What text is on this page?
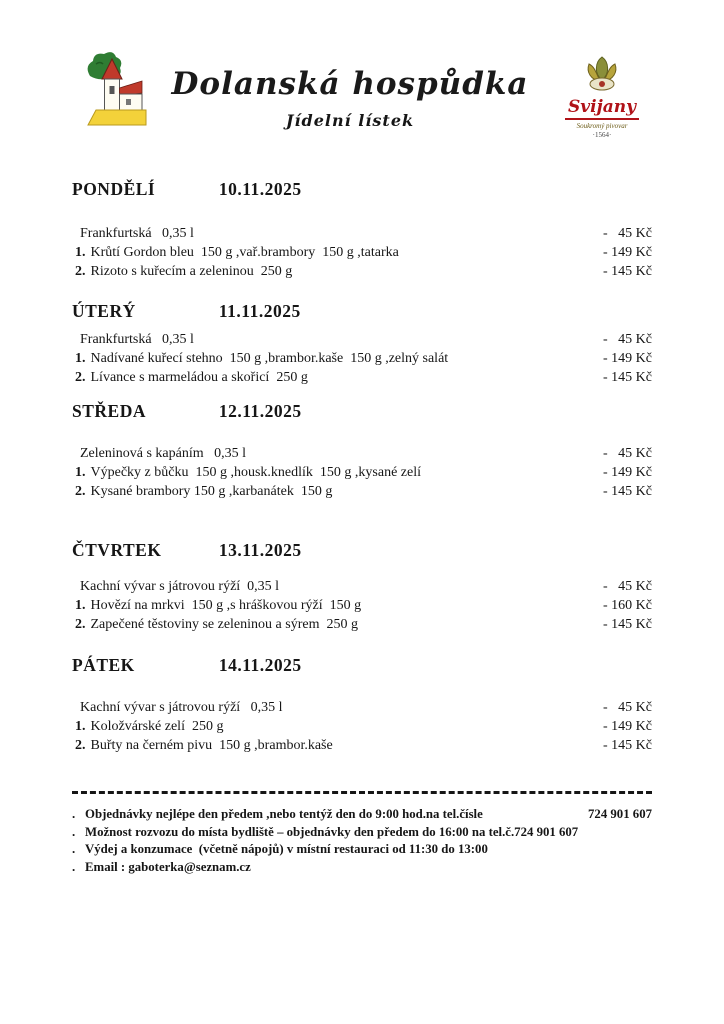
Dolanská hospůdka
Jídelní lístek
Svijany
Soukromý pivovar
·1564·
PONDĚLÍ	10.11.2025
Frankfurtská   0,35 l	-   45 Kč
1. Krůtí Gordon bleu  150 g ,vař.brambory  150 g ,tatarka	- 149 Kč
2. Rizoto s kuřecím a zeleninou  250 g	- 145 Kč
ÚTERÝ	11.11.2025
Frankfurtská   0,35 l	-   45 Kč
1. Nadívané kuřecí stehno  150 g ,brambor.kaše  150 g ,zelný salát	- 149 Kč
2. Lívance s marmeládou a skořicí  250 g	- 145 Kč
STŘEDA	12.11.2025
Zeleninová s kapáním   0,35 l	-   45 Kč
1. Výpečky z bůčku  150 g ,housk.knedlík  150 g ,kysané zelí	- 149 Kč
2. Kysané brambory 150 g ,karbanátek  150 g	- 145 Kč
ČTVRTEK	13.11.2025
Kachní vývar s játrovou rýží  0,35 l	-   45 Kč
1. Hovězí na mrkvi  150 g ,s hráškovou rýží  150 g	- 160 Kč
2. Zapečené těstoviny se zeleninou a sýrem  250 g	- 145 Kč
PÁTEK	14.11.2025
Kachní vývar s játrovou rýží   0,35 l	-   45 Kč
1. Koložvárské zelí  250 g	- 149 Kč
2. Buřty na černém pivu  150 g ,brambor.kaše	- 145 Kč
. Objednávky nejlépe den předem ,nebo tentýž den do 9:00 hod.na tel.čísle	724 901 607
. Možnost rozvozu do místa bydliště – objednávky den předem do 16:00 na tel.č.724 901 607
. Výdej a konzumace  (včetně nápojů) v místní restauraci od 11:30 do 13:00
. Email : gaboterka@seznam.cz
